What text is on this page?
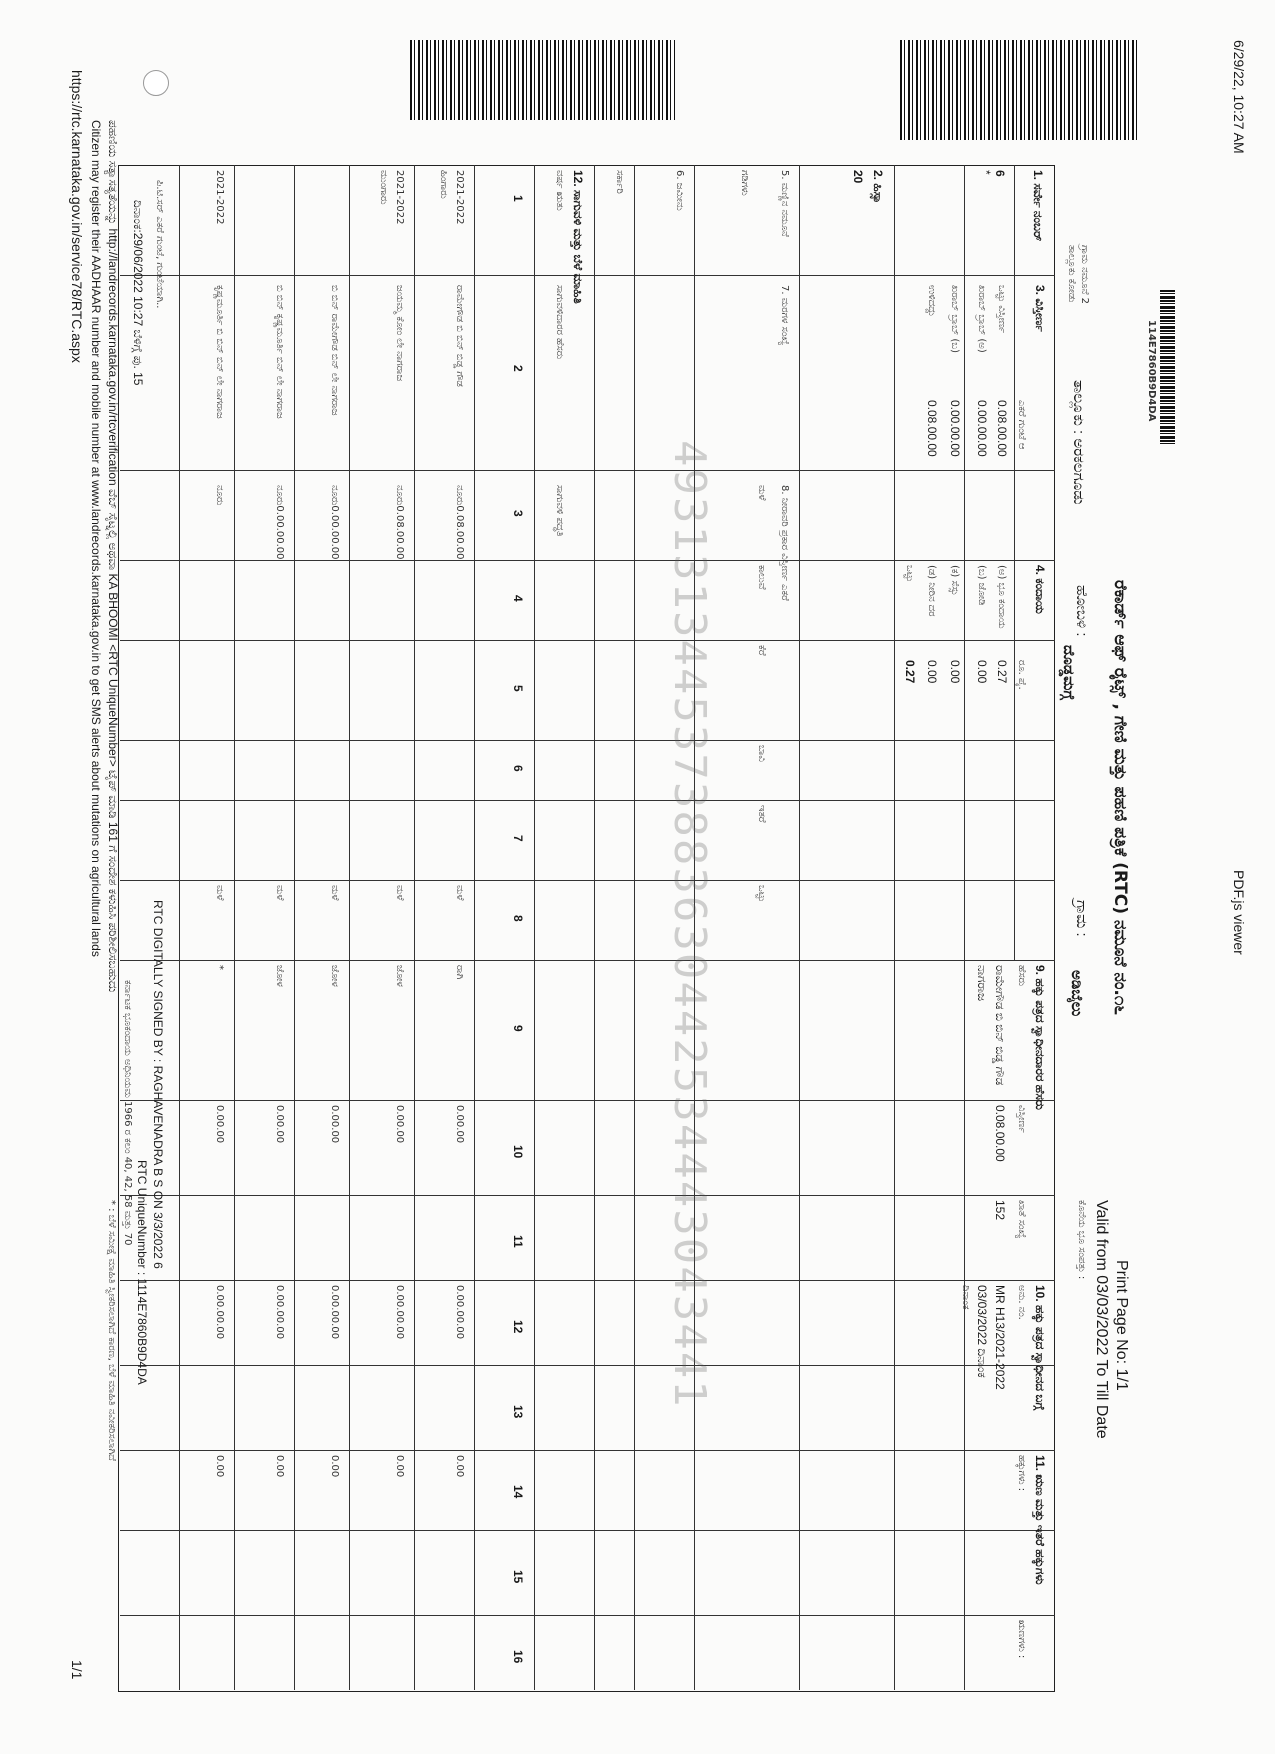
6/29/22, 10:27 AM
PDF.js viewer
https://rtc.karnataka.gov.in/service78/RTC.aspx
1/1
114E7860B9D4DA
ರೆಕಾರ್ಡ್ ಆಫ್ ರೈಟ್ಸ್ , ಗೇಣಿ ಮತ್ತು ಪಹಣಿ ಪತ್ರಿಕೆ (RTC) ನಮೂನೆ ನಂ.೧೬
Print Page No: 1/1
Valid from 03/03/2022 To Till Date
ಕೊನೆಯ ಭೂ ಸಂಪತ್ತು :
ಗ್ರಾಮ ನಮೂನೆ 2
ತಾಲ್ಲೂಕು ಕೋಡು
ತಾಲ್ಲೂಕು : ಅರಕಲಗೂಡು
ಹೋಬಳಿ :
ದೊಡ್ಡಮಗ್ಗೆ
ಗ್ರಾಮ :
ಅಡಿಬೈಲು
1. ಸರ್ವೇ ನಂಬರ್
6
*
3. ವಿಸ್ತೀರ್ಣ
ಎಕರೆ ಗುಂಟೆ ಆ
ಒಟ್ಟು ವಿಸ್ತೀರ್ಣ
0.08.00.00
ಖರಾಬ್ ಬ್ರಾಬ್ (ಅ)
0.00.00.00
ಖರಾಬ್ ಬ್ರಾಬ್ (ಬ)
0.00.00.00
ಉಳಿದದ್ದು
0.08.00.00
4. ಕಂದಾಯ
ರೂ. ಪೈ.
(ಅ) ಭೂ ಕಂದಾಯ
0.27
(ಬ) ಜೋಡಿ
0.00
(ಕ) ಸೆಸ್ಸು
0.00
(ಡ) ನೀರಿನ ದರ
0.00
ಒಟ್ಟು
0.27
2. ಹಿಸ್ಸಾ
20
5. ಮಣ್ಣಿನ ನಮೂನೆ
7. ಮರಗಳ ಸಂಖ್ಯೆ
ಗಡಿಗಳು
6. ಜಮೀನು
ಸರ್ಕಾರಿ
8. ನೀರಾವರಿ ಪ್ರಕಾರ ವಿಸ್ತೀರ್ಣ ಎಕರೆ
ಮಳೆ
ಕಾಲುವೆ
ಕೆರೆ
ಬಾವಿ
ಇತರೆ
ಒಟ್ಟು
9. ಹಕ್ಕು ಪತ್ರದ ಸ್ವಾಧೀನದಾರರ ಹೆಸರು
ಹೆಸರು
ವಿಸ್ತೀರ್ಣ
ಖಾತೆ ಸಂಖ್ಯೆ
ರಾಮೇಗೌಡ ಬಿ ಬಿನ್ ಬಿಡ್ಡ ಗೌಡ
ನಾಗರಾಜ
0.08.00.00
152
10. ಹಕ್ಕು ಪತ್ರದ ಸ್ವಾಧೀನದ ಬಗ್ಗೆ
ಅನು. ನಂ.
MR H13/2021-2022
03/03/2022 ದಿನಾಂಕ
ದಿನಾಂಕ
11. ಋಣ ಮತ್ತು ಇತರೆ ಹಕ್ಕುಗಳು
ಹಕ್ಕುಗಳು :
ಋಣಗಳು :
12. ಸಾಗುವಳಿ ಮತ್ತು ಬೆಳೆ ಮಾಹಿತಿ
ವರ್ಷ ಋತು
ಸಾಗುವಳಿದಾರರ ಹೆಸರು
ಸಾಗುವಳಿ ಪದ್ಧತಿ
1
2
3
4
5
6
7
8
9
10
11
12
13
14
15
16
2021-2022
ಹಿಂಗಾರು
ರಾಮೇಗೌಡ ಬಿ ಬಿನ್ ಬಿಡ್ಡ ಗೌಡ
ನೂರು0.08.00.00
ಮಳೆ
ರಾಗಿ
0.00.00
0.00.00.00
0.00
2021-2022
ಮುಂಗಾರು
ಜಯಮ್ಮ ಕೋಂ ಲೇ ನಾಗರಾಜ
ನೂರು0.08.00.00
ಮಳೆ
ಜೋಳ
0.00.00
0.00.00.00
0.00
ಬಿ ಬಿನ್ ರಾಮೇಗೌಡ ಬಿನ್ ಲೇ ನಾಗರಾಜ
ನೂರು0.00.00.00
ಮಳೆ
ಜೋಳ
0.00.00
0.00.00.00
0.00
ಬಿ ಬಿನ್ ಕೃಷ್ಣಮೂರ್ತಿ ಬಿನ್ ಲೇ ನಾಗರಾಜ
ನೂರು0.00.00.00
ಮಳೆ
ಜೋಳ
0.00.00
0.00.00.00
0.00
2021-2022
ಕೃಷ್ಣಮೂರ್ತಿ ಬಿ ಬಿನ್ ಬಿನ್ ಲೇ ನಾಗರಾಜ
ನೂರು
ಮಳೆ
*
0.00.00
0.00.00.00
0.00
4931313445373883630442534443043441
ಪಿ.ಟಿ.ಸರ್ ಎಕರೆ ಗುಂಟೆ, ಗುಂಟೆಯಾಗಿ..
ದಿನಾಂಕ:29/06/2022 10:27 ಬೆಳಿಗ್ಗೆ ಪು. 15
RTC DIGITALLY SIGNED BY : RAGHAVENADRA B S ON 3/3/2022 6
RTC UniqueNumber : 1114E7860B9D4DA
ಕರ್ನಾಟಕ ಭೂಕಂದಾಯ ಅಧಿನಿಯಮ 1966 ರ ಕಲಂ 40, 42, 58 ಮತ್ತು 70
* : ಬೆಳೆ ಸಮೀಕ್ಷೆ ಮಾಹಿತಿ ಸ್ವೀಕರಿಸಲಾಗಿದೆ ಕಾರಣ, ಬೆಳೆ ಮಾಹಿತಿ ನವೀಕರಿಸಲಾಗಿದೆ
ಪಹಣಿಯ ಸತ್ಯಾಸತ್ಯತೆಯನ್ನು http://landrecords.karnataka.gov.in/rtcverification ವೆಬ್ ಸೈಟ್ನಲ್ಲಿ ಅಥವಾ KA BHOOMI <RTC UniqueNumber> ಟೈಪ್ ಮಾಡಿ 161 ಗೆ ಸಂದೇಶ ಕಳುಹಿಸಿ ಪರಿಶೀಲಿಸಬಹುದು
Citizen may register their AADHAAR number and mobile number at www.landrecords.karnataka.gov.in to get SMS alerts about mutations on agricultural lands
